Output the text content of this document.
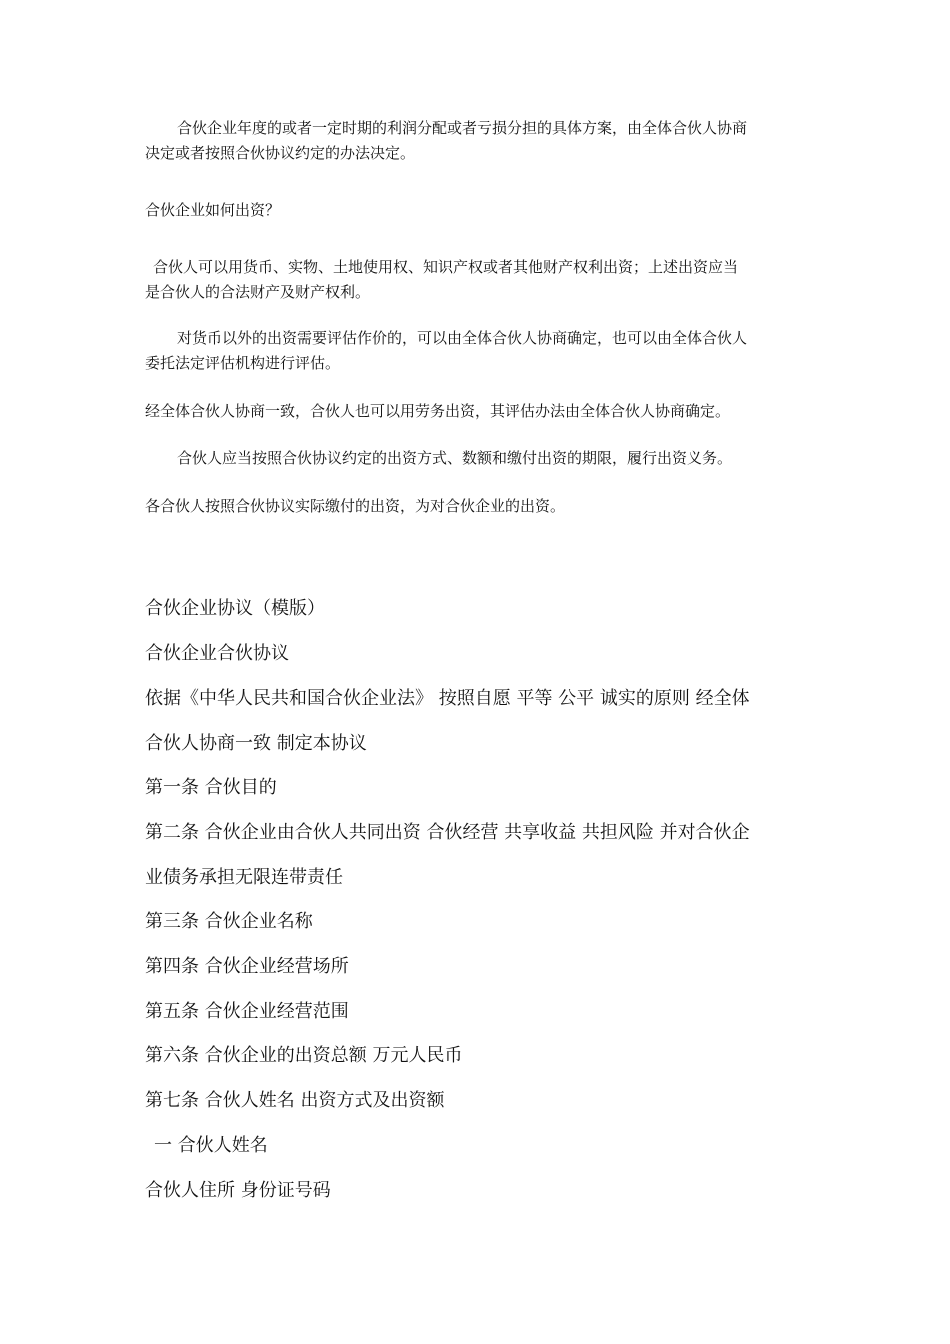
合伙企业年度的或者一定时期的利润分配或者亏损分担的具体方案，由全体合伙人协商

决定或者按照合伙协议约定的办法决定。

合伙企业如何出资？

合伙人可以用货币、实物、土地使用权、知识产权或者其他财产权利出资；上述出资应当

是合伙人的合法财产及财产权利。

对货币以外的出资需要评估作价的，可以由全体合伙人协商确定，也可以由全体合伙人

委托法定评估机构进行评估。

经全体合伙人协商一致，合伙人也可以用劳务出资，其评估办法由全体合伙人协商确定。

合伙人应当按照合伙协议约定的出资方式、数额和缴付出资的期限，履行出资义务。

各合伙人按照合伙协议实际缴付的出资，为对合伙企业的出资。

合伙企业协议（模版）

合伙企业合伙协议

依据《中华人民共和国合伙企业法》 按照自愿 平等 公平 诚实的原则 经全体

合伙人协商一致 制定本协议

第一条 合伙目的

第二条 合伙企业由合伙人共同出资 合伙经营 共享收益 共担风险 并对合伙企

业债务承担无限连带责任

第三条 合伙企业名称

第四条 合伙企业经营场所

第五条 合伙企业经营范围

第六条 合伙企业的出资总额 万元人民币

第七条 合伙人姓名 出资方式及出资额

一 合伙人姓名

合伙人住所 身份证号码
